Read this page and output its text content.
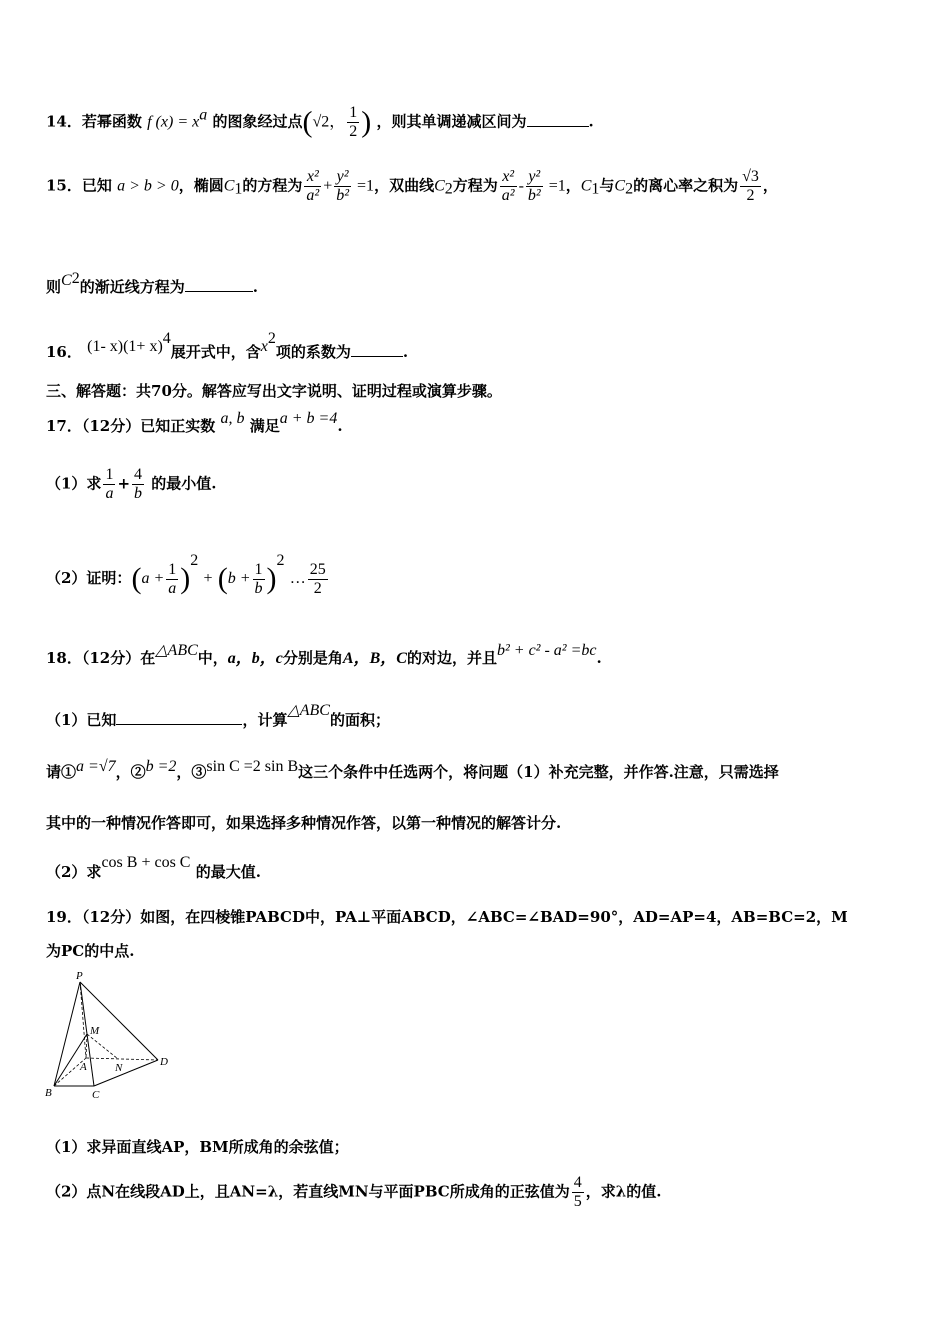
14．若幂函数 f (x) = xa 的图象经过点(√2， $\frac{1}{2}$ ) ，则其单调递减区间为	.
15．已知 a > b > 0，椭圆C1的方程为 $\frac{\text{x²}}{\text{a²}} + \frac{\text{y²}}{\text{b²}} =1$，双曲线C2方程为 $\frac{\text{x²}}{\text{a²}} - \frac{\text{y²}}{\text{b²}} =1$，C1与C2的离心率之积为 $\frac{√3}{2}$ ，
则C2的渐近线方程为	.
16． (1- x)(1+ x)4展开式中，含x2项的系数为	.
三、解答题：共70分。解答应写出文字说明、证明过程或演算步骤。
17．（12分）已知正实数 a, b 满足a + b =4.
（1）求 $\frac{1}{a} + \frac{4}{b}$ 的最小值.
（2）证明：$(a + \frac{1}{a} )2 + (b + \frac{1}{b} )2$ … $\frac{25}{2}$
18．（12分）在△ABC中，a，b，c分别是角A，B，C的对边，并且b² + c² - a² =bc.
（1）已知	，计算△ABC的面积；
请①a =√7，②b =2，③sin C =2 sin B这三个条件中任选两个，将问题（1）补充完整，并作答.注意，只需选择
其中的一种情况作答即可，如果选择多种情况作答，以第一种情况的解答计分.
（2）求cos B + cos C 的最大值.
19．（12分）如图，在四棱锥PABCD中，PA⊥平面ABCD，∠ABC=∠BAD=90°，AD=AP=4，AB=BC=2，M
为PC的中点.
P
M
A	N	D
B	C
（1）求异面直线AP，BM所成角的余弦值；
（2）点N在线段AD上，且AN=λ，若直线MN与平面PBC所成角的正弦值为 $\frac{4}{5}$ ，求λ的值.
